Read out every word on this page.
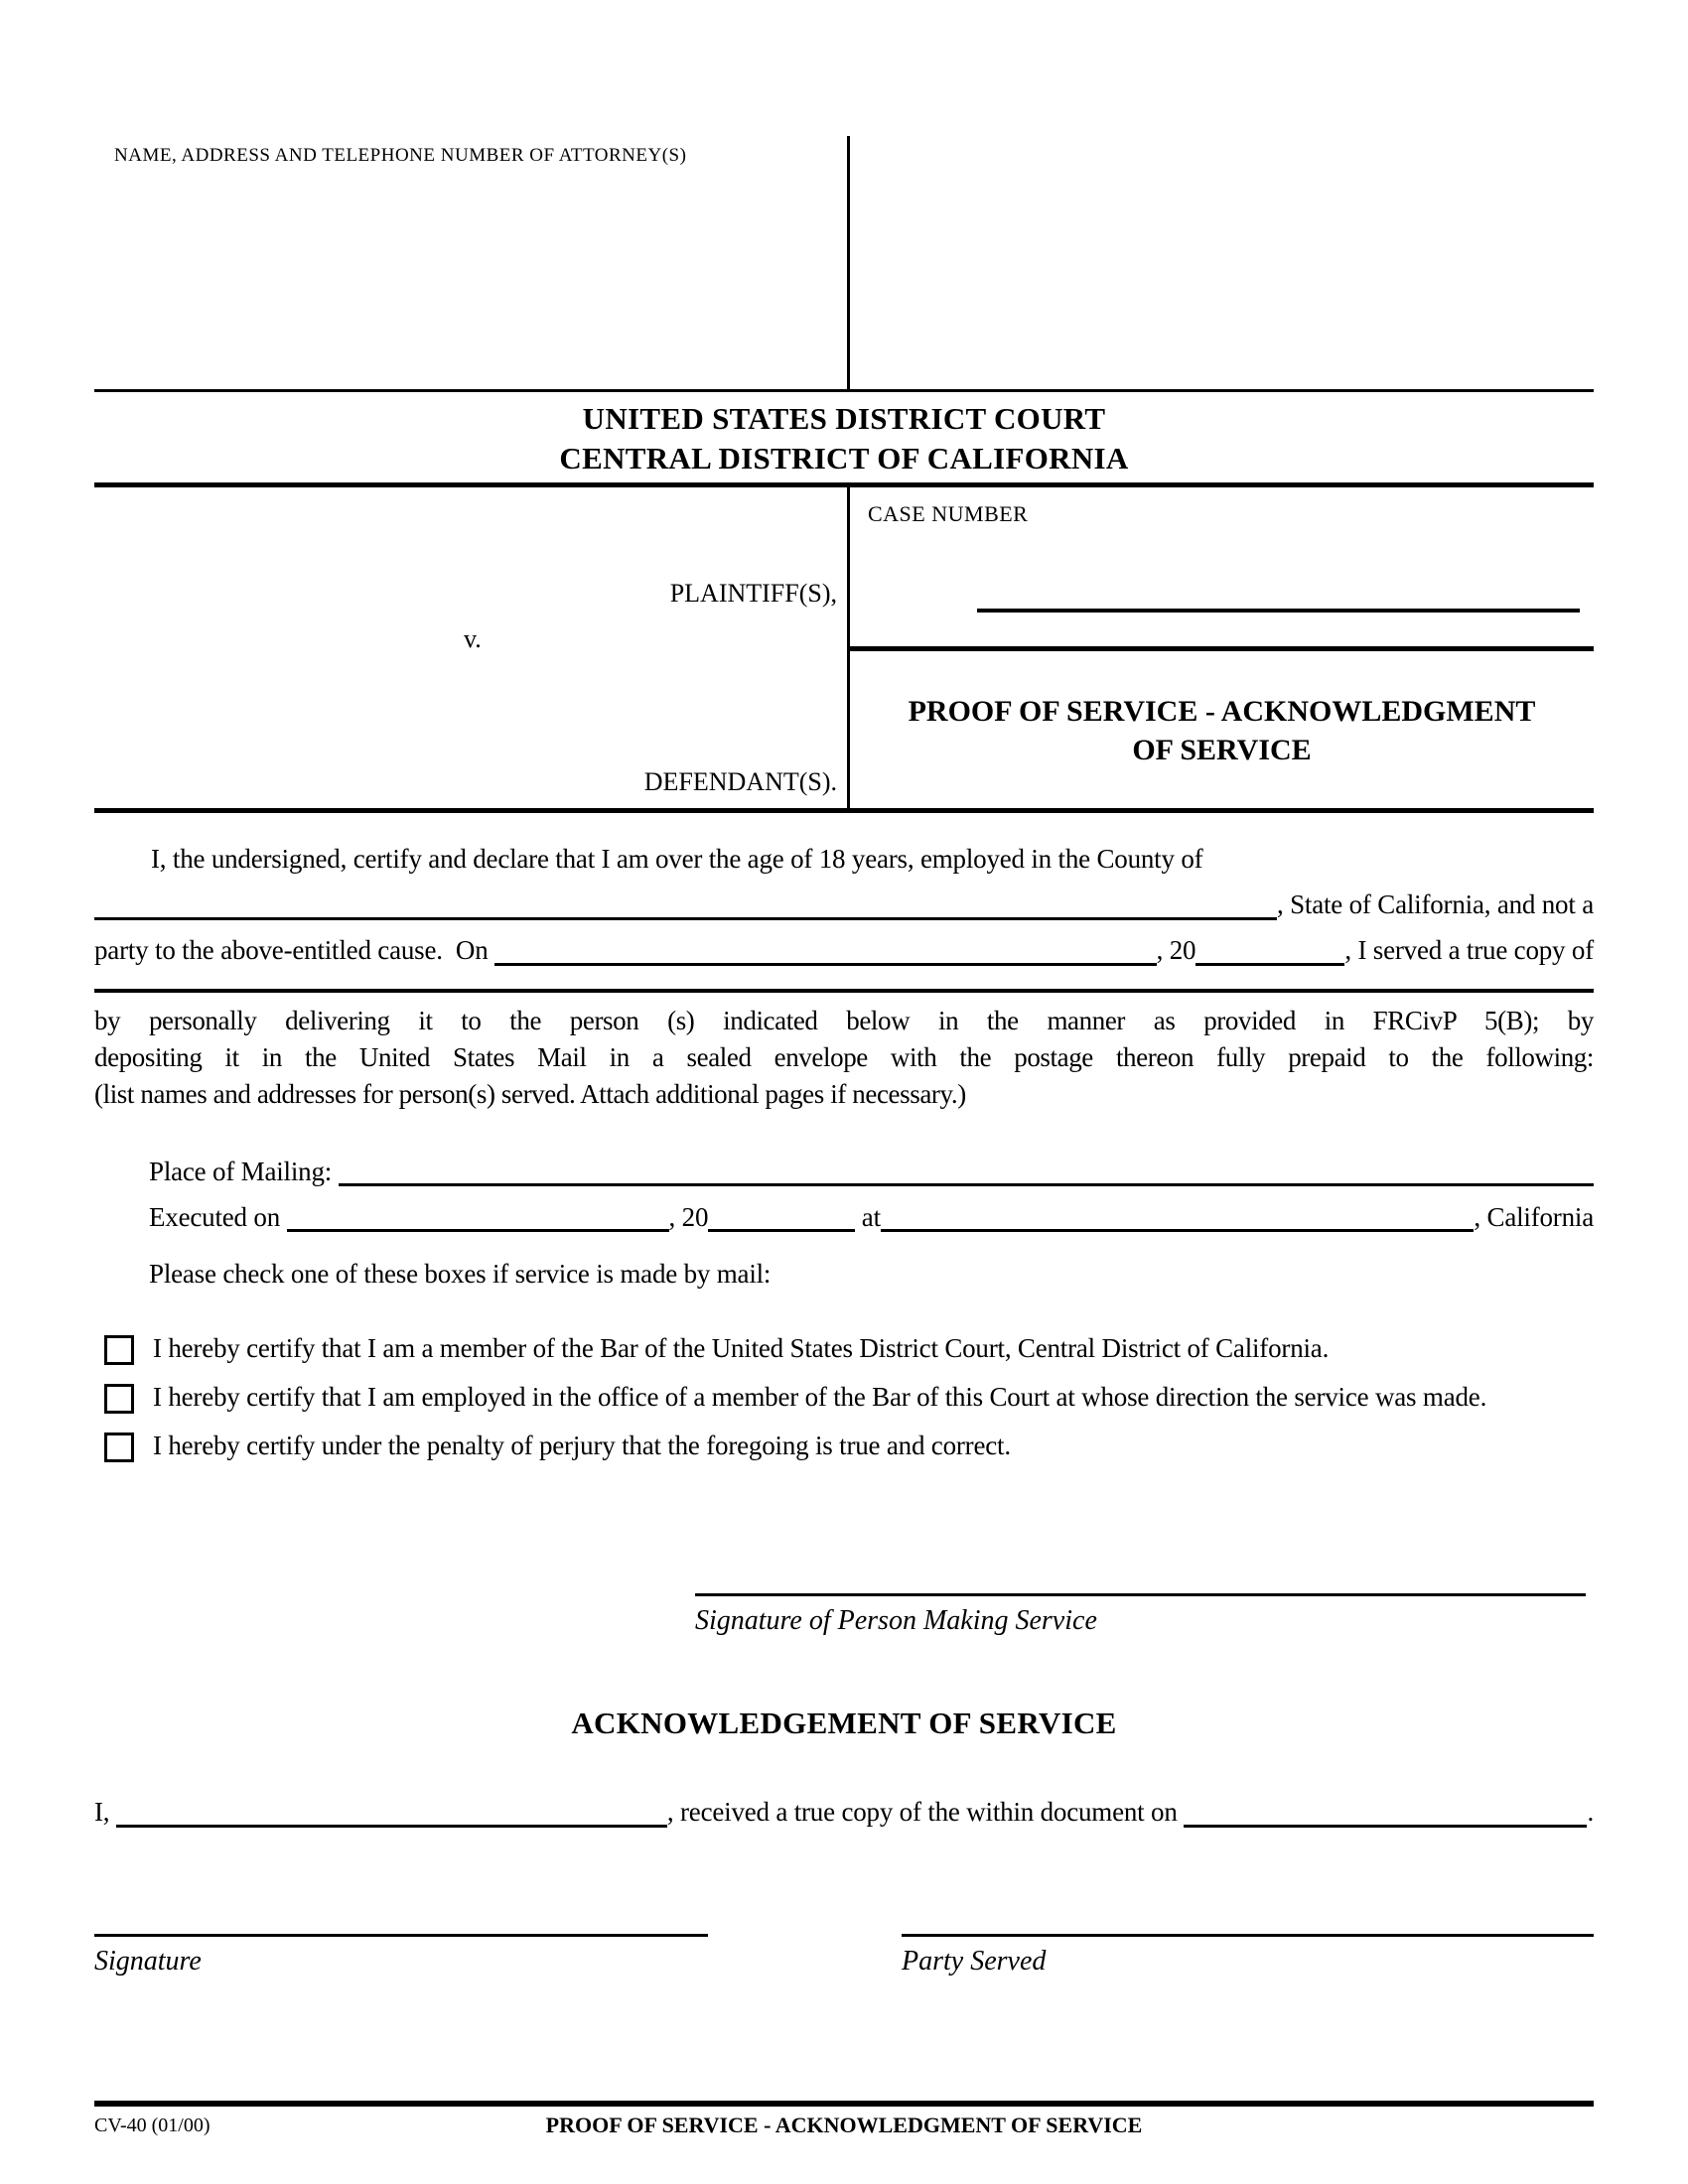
NAME, ADDRESS AND TELEPHONE NUMBER OF ATTORNEY(S)
UNITED STATES DISTRICT COURT
CENTRAL DISTRICT OF CALIFORNIA
PLAINTIFF(S),
v.
DEFENDANT(S).
CASE NUMBER
PROOF OF SERVICE - ACKNOWLEDGMENT OF SERVICE
I, the undersigned, certify and declare that I am over the age of 18 years, employed in the County of
, State of California, and not a
party to the above-entitled cause.  On	, 20	, I served a true copy of
by personally delivering it to the person (s) indicated below in the manner as provided in FRCivP 5(B); by
depositing it in the United States Mail in a sealed envelope with the postage thereon fully prepaid to the following:
(list names and addresses for person(s) served. Attach additional pages if necessary.)
Place of Mailing:
Executed on	, 20	at	, California
Please check one of these boxes if service is made by mail:
I hereby certify that I am a member of the Bar of the United States District Court, Central District of California.
I hereby certify that I am employed in the office of a member of the Bar of this Court at whose direction the service was made.
I hereby certify under the penalty of perjury that the foregoing is true and correct.
Signature of Person Making Service
ACKNOWLEDGEMENT OF SERVICE
I,	, received a true copy of the within document on	.
Signature	Party Served
CV-40 (01/00)	PROOF OF SERVICE - ACKNOWLEDGMENT OF SERVICE
